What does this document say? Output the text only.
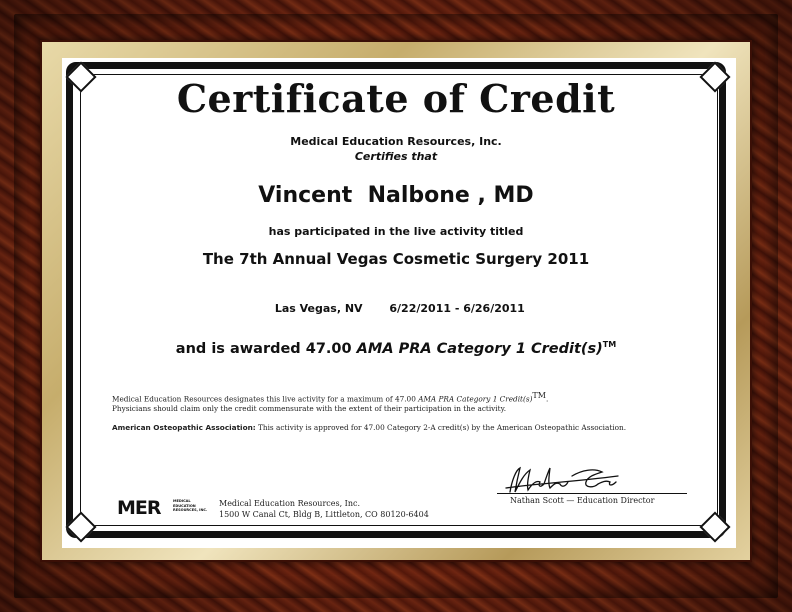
Certificate of Credit
Medical Education Resources, Inc.
Certifies that
Vincent  Nalbone , MD
has participated in the live activity titled
The 7th Annual Vegas Cosmetic Surgery 2011

Las Vegas, NV 6/22/2011 - 6/26/2011

and is awarded 47.00 AMA PRA Category 1 Credit(s)™
Medical Education Resources designates this live activity for a maximum of 47.00 AMA PRA Category 1 Credit(s)TM.
Physicians should claim only the credit commensurate with the extent of their participation in the activity.
American Osteopathic Association: This activity is approved for 47.00 Category 2-A credit(s) by the American Osteopathic Association.
MER	MEDICAL EDUCATION RESOURCES, INC.
Medical Education Resources, Inc.
1500 W Canal Ct, Bldg B, Littleton, CO 80120-6404
Nathan Scott — Education Director
